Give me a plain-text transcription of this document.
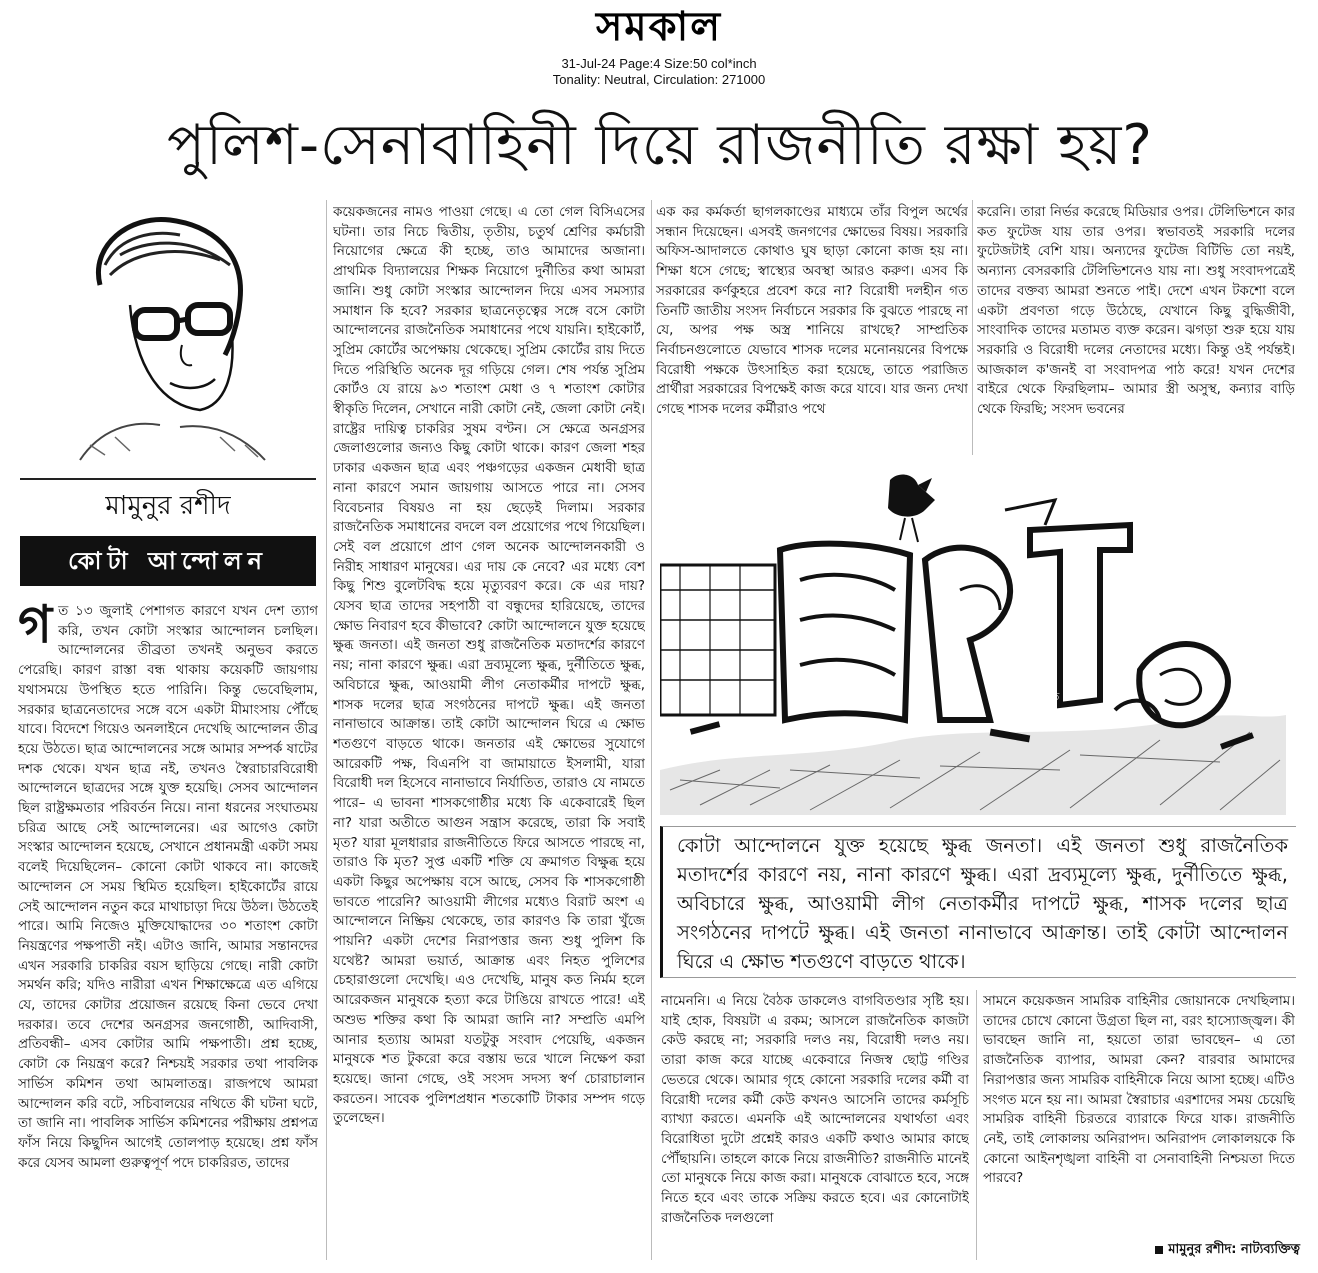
সমকাল
31-Jul-24 Page:4 Size:50 col*inch
Tonality: Neutral, Circulation: 271000
পুলিশ-সেনাবাহিনী দিয়ে রাজনীতি রক্ষা হয়?
মামুনুর রশীদ
কোটা আন্দোলন
গ ত ১৩ জুলাই পেশাগত কারণে যখন দেশ ত্যাগ করি, তখন কোটা সংস্কার আন্দোলন চলছিল। আন্দোলনের তীব্রতা তখনই অনুভব করতে পেরেছি। কারণ রাস্তা বন্ধ থাকায় কয়েকটি জায়গায় যথাসময়ে উপস্থিত হতে পারিনি। কিন্তু ভেবেছিলাম, সরকার ছাত্রনেতাদের সঙ্গে বসে একটা মীমাংসায় পৌঁছে যাবে। বিদেশে গিয়েও অনলাইনে দেখেছি আন্দোলন তীব্র হয়ে উঠতে। ছাত্র আন্দোলনের সঙ্গে আমার সম্পর্ক ষাটের দশক থেকে। যখন ছাত্র নই, তখনও স্বৈরাচারবিরোধী আন্দোলনে ছাত্রদের সঙ্গে যুক্ত হয়েছি। সেসব আন্দোলন ছিল রাষ্ট্রক্ষমতার পরিবর্তন নিয়ে। নানা ধরনের সংঘাতময় চরিত্র আছে সেই আন্দোলনের। এর আগেও কোটা সংস্কার আন্দোলন হয়েছে, সেখানে প্রধানমন্ত্রী একটা সময় বলেই দিয়েছিলেন– কোনো কোটা থাকবে না। কাজেই আন্দোলন সে সময় স্থিমিত হয়েছিল। হাইকোর্টের রায়ে সেই আন্দোলন নতুন করে মাথাচাড়া দিয়ে উঠল। উঠতেই পারে। আমি নিজেও মুক্তিযোদ্ধাদের ৩০ শতাংশ কোটা নিয়ন্ত্রণের পক্ষপাতী নই। এটাও জানি, আমার সন্তানদের এখন সরকারি চাকরির বয়স ছাড়িয়ে গেছে। নারী কোটা সমর্থন করি; যদিও নারীরা এখন শিক্ষাক্ষেত্রে এত এগিয়ে যে, তাদের কোটার প্রয়োজন রয়েছে কিনা ভেবে দেখা দরকার। তবে দেশের অনগ্রসর জনগোষ্ঠী, আদিবাসী, প্রতিবন্ধী– এসব কোটার আমি পক্ষপাতী। প্রশ্ন হচ্ছে, কোটা কে নিয়ন্ত্রণ করে? নিশ্চয়ই সরকার তথা পাবলিক সার্ভিস কমিশন তথা আমলাতন্ত্র। রাজপথে আমরা আন্দোলন করি বটে, সচিবালয়ের নথিতে কী ঘটনা ঘটে, তা জানি না। পাবলিক সার্ভিস কমিশনের পরীক্ষায় প্রশ্নপত্র ফাঁস নিয়ে কিছুদিন আগেই তোলপাড় হয়েছে। প্রশ্ন ফাঁস করে যেসব আমলা গুরুত্বপূর্ণ পদে চাকরিরত, তাদের

কয়েকজনের নামও পাওয়া গেছে। এ তো গেল বিসিএসের ঘটনা। তার নিচে দ্বিতীয়, তৃতীয়, চতুর্থ শ্রেণির কর্মচারী নিয়োগের ক্ষেত্রে কী হচ্ছে, তাও আমাদের অজানা। প্রাথমিক বিদ্যালয়ের শিক্ষক নিয়োগে দুর্নীতির কথা আমরা জানি। শুধু কোটা সংস্কার আন্দোলন দিয়ে এসব সমস্যার সমাধান কি হবে? সরকার ছাত্রনেতৃত্বের সঙ্গে বসে কোটা আন্দোলনের রাজনৈতিক সমাধানের পথে যায়নি। হাইকোর্ট, সুপ্রিম কোর্টের অপেক্ষায় থেকেছে। সুপ্রিম কোর্টের রায় দিতে দিতে পরিস্থিতি অনেক দূর গড়িয়ে গেল। শেষ পর্যন্ত সুপ্রিম কোর্টও যে রায়ে ৯৩ শতাংশ মেধা ও ৭ শতাংশ কোটার স্বীকৃতি দিলেন, সেখানে নারী কোটা নেই, জেলা কোটা নেই। রাষ্ট্রের দায়িত্ব চাকরির সুষম বণ্টন। সে ক্ষেত্রে অনগ্রসর জেলাগুলোর জন্যও কিছু কোটা থাকে। কারণ জেলা শহর ঢাকার একজন ছাত্র এবং পঞ্চগড়ের একজন মেধাবী ছাত্র নানা কারণে সমান জায়গায় আসতে পারে না। সেসব বিবেচনার বিষয়ও না হয় ছেড়েই দিলাম। সরকার রাজনৈতিক সমাধানের বদলে বল প্রয়োগের পথে গিয়েছিল। সেই বল প্রয়োগে প্রাণ গেল অনেক আন্দোলনকারী ও নিরীহ সাধারণ মানুষের। এর দায় কে নেবে? এর মধ্যে বেশ কিছু শিশু বুলেটবিদ্ধ হয়ে মৃত্যুবরণ করে। কে এর দায়? যেসব ছাত্র তাদের সহপাঠী বা বন্ধুদের হারিয়েছে, তাদের ক্ষোভ নিবারণ হবে কীভাবে? কোটা আন্দোলনে যুক্ত হয়েছে ক্ষুব্ধ জনতা। এই জনতা শুধু রাজনৈতিক মতাদর্শের কারণে নয়; নানা কারণে ক্ষুব্ধ। এরা দ্রব্যমূল্যে ক্ষুব্ধ, দুর্নীতিতে ক্ষুব্ধ, অবিচারে ক্ষুব্ধ, আওয়ামী লীগ নেতাকর্মীর দাপটে ক্ষুব্ধ, শাসক দলের ছাত্র সংগঠনের দাপটে ক্ষুব্ধ। এই জনতা নানাভাবে আক্রান্ত। তাই কোটা আন্দোলন ঘিরে এ ক্ষোভ শতগুণে বাড়তে থাকে। জনতার এই ক্ষোভের সুযোগে আরেকটি পক্ষ, বিএনপি বা জামায়াতে ইসলামী, যারা বিরোধী দল হিসেবে নানাভাবে নির্যাতিত, তারাও যে নামতে পারে– এ ভাবনা শাসকগোষ্ঠীর মধ্যে কি একেবারেই ছিল না? যারা অতীতে আগুন সন্ত্রাস করেছে, তারা কি সবাই মৃত? যারা মূলধারার রাজনীতিতে ফিরে আসতে পারছে না, তারাও কি মৃত? সুপ্ত একটি শক্তি যে ক্রমাগত বিক্ষুব্ধ হয়ে একটা কিছুর অপেক্ষায় বসে আছে, সেসব কি শাসকগোষ্ঠী ভাবতে পারেনি? আওয়ামী লীগের মধ্যেও বিরাট অংশ এ আন্দোলনে নিষ্ক্রিয় থেকেছে, তার কারণও কি তারা খুঁজে পায়নি? একটা দেশের নিরাপত্তার জন্য শুধু পুলিশ কি যথেষ্ট? আমরা ভয়ার্ত, আক্রান্ত এবং নিহত পুলিশের চেহারাগুলো দেখেছি। এও দেখেছি, মানুষ কত নির্মম হলে আরেকজন মানুষকে হত্যা করে টাঙিয়ে রাখতে পারে! এই অশুভ শক্তির কথা কি আমরা জানি না? সম্প্রতি এমপি আনার হত্যায় আমরা যতটুকু সংবাদ পেয়েছি, একজন মানুষকে শত টুকরো করে বস্তায় ভরে খালে নিক্ষেপ করা হয়েছে। জানা গেছে, ওই সংসদ সদস্য স্বর্ণ চোরাচালান করতেন। সাবেক পুলিশপ্রধান শতকোটি টাকার সম্পদ গড়ে তুলেছেন।

এক কর কর্মকর্তা ছাগলকাণ্ডের মাধ্যমে তাঁর বিপুল অর্থের সন্ধান দিয়েছেন। এসবই জনগণের ক্ষোভের বিষয়। সরকারি অফিস-আদালতে কোথাও ঘুষ ছাড়া কোনো কাজ হয় না। শিক্ষা ধসে গেছে; স্বাস্থ্যের অবস্থা আরও করুণ। এসব কি সরকারের কর্ণকুহরে প্রবেশ করে না? বিরোধী দলহীন গত তিনটি জাতীয় সংসদ নির্বাচনে সরকার কি বুঝতে পারছে না যে, অপর পক্ষ অস্ত্র শানিয়ে রাখছে? সাম্প্রতিক নির্বাচনগুলোতে যেভাবে শাসক দলের মনোনয়নের বিপক্ষে বিরোধী পক্ষকে উৎসাহিত করা হয়েছে, তাতে পরাজিত প্রার্থীরা সরকারের বিপক্ষেই কাজ করে যাবে। যার জন্য দেখা গেছে শাসক দলের কর্মীরাও পথে

করেনি। তারা নির্ভর করেছে মিডিয়ার ওপর। টেলিভিশনে কার কত ফুটেজ যায় তার ওপর। স্বভাবতই সরকারি দলের ফুটেজটাই বেশি যায়। অন্যদের ফুটেজ বিটিভি তো নয়ই, অন্যান্য বেসরকারি টেলিভিশনেও যায় না। শুধু সংবাদপত্রেই তাদের বক্তব্য আমরা শুনতে পাই। দেশে এখন টকশো বলে একটা প্রবণতা গড়ে উঠেছে, যেখানে কিছু বুদ্ধিজীবী, সাংবাদিক তাদের মতামত ব্যক্ত করেন। ঝগড়া শুরু হয়ে যায় সরকারি ও বিরোধী দলের নেতাদের মধ্যে। কিন্তু ওই পর্যন্তই। আজকাল ক'জনই বা সংবাদপত্র পাঠ করে! যখন দেশের বাইরে থেকে ফিরছিলাম– আমার স্ত্রী অসুস্থ, কন্যার বাড়ি থেকে ফিরছি; সংসদ ভবনের

রাজ	নীতি
কোটা আন্দোলনে যুক্ত হয়েছে ক্ষুব্ধ জনতা। এই জনতা শুধু রাজনৈতিক মতাদর্শের কারণে নয়, নানা কারণে ক্ষুব্ধ। এরা দ্রব্যমূল্যে ক্ষুব্ধ, দুর্নীতিতে ক্ষুব্ধ, অবিচারে ক্ষুব্ধ, আওয়ামী লীগ নেতাকর্মীর দাপটে ক্ষুব্ধ, শাসক দলের ছাত্র সংগঠনের দাপটে ক্ষুব্ধ। এই জনতা নানাভাবে আক্রান্ত। তাই কোটা আন্দোলন ঘিরে এ ক্ষোভ শতগুণে বাড়তে থাকে।

নামেননি। এ নিয়ে বৈঠক ডাকলেও বাগবিতণ্ডার সৃষ্টি হয়। যাই হোক, বিষয়টা এ রকম; আসলে রাজনৈতিক কাজটা কেউ করছে না; সরকারি দলও নয়, বিরোধী দলও নয়। তারা কাজ করে যাচ্ছে একেবারে নিজস্ব ছোট্ট গণ্ডির ভেতরে থেকে। আমার গৃহে কোনো সরকারি দলের কর্মী বা বিরোধী দলের কর্মী কেউ কখনও আসেনি তাদের কর্মসূচি ব্যাখ্যা করতে। এমনকি এই আন্দোলনের যথার্থতা এবং বিরোধিতা দুটো প্রশ্নেই কারও একটি কথাও আমার কাছে পৌঁছায়নি। তাহলে কাকে নিয়ে রাজনীতি? রাজনীতি মানেই তো মানুষকে নিয়ে কাজ করা। মানুষকে বোঝাতে হবে, সঙ্গে নিতে হবে এবং তাকে সক্রিয় করতে হবে। এর কোনোটাই রাজনৈতিক দলগুলো

সামনে কয়েকজন সামরিক বাহিনীর জোয়ানকে দেখছিলাম। তাদের চোখে কোনো উগ্রতা ছিল না, বরং হাস্যোজ্জ্বল। কী ভাবছেন জানি না, হয়তো তারা ভাবছেন– এ তো রাজনৈতিক ব্যাপার, আমরা কেন? বারবার আমাদের নিরাপত্তার জন্য সামরিক বাহিনীকে নিয়ে আসা হচ্ছে। এটিও সংগত মনে হয় না। আমরা স্বৈরাচার এরশাদের সময় চেয়েছি সামরিক বাহিনী চিরতরে ব্যারাকে ফিরে যাক। রাজনীতি নেই, তাই লোকালয় অনিরাপদ। অনিরাপদ লোকালয়কে কি কোনো আইনশৃঙ্খলা বাহিনী বা সেনাবাহিনী নিশ্চয়তা দিতে পারবে?

মামুনুর রশীদ: নাট্যব্যক্তিত্ব
